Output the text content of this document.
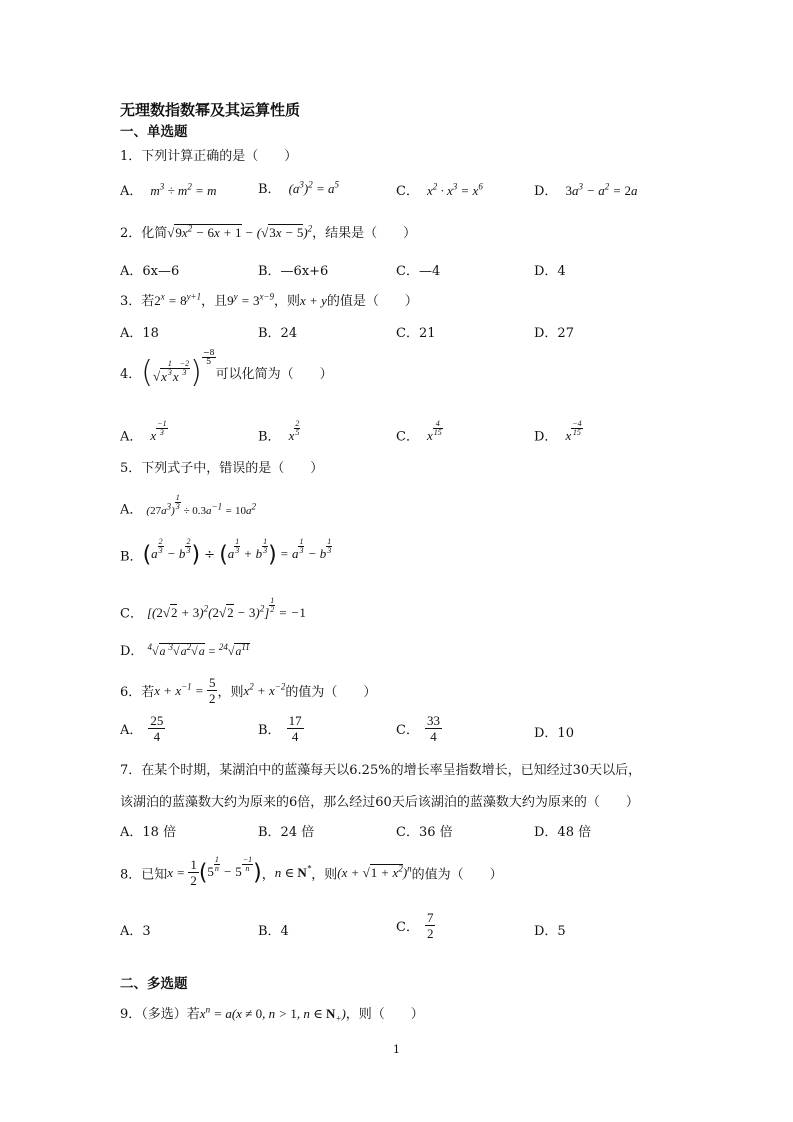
无理数指数幂及其运算性质
一、单选题
1．下列计算正确的是（　　）
A． $m^3 \div m^2 = m$	B． $(a^3)^2 = a^5$	C． $x^2 \cdot x^3 = x^6$	D． $3a^3 - a^2 = 2a$
2．化简$√9x^2 - 6x + 1 - (√3x - 5)^2$，结果是（　　）
A．6x—6	B．—6x+6	C．—4	D．4
3．若$2^x = 8^{y+1}$，且$9^y = 3^{x-9}$，则x + y的值是（　　）
A．18	B．24	C．21	D．27
4．($√x \frac{1}{3}$ x $\frac{-2}{3}$ ) $\frac{-8}{5}$
可以化简为（　　）
A． x $\frac{-1}{3}$	B． x $\frac{2}{5}$	C． x $\frac{4}{15}$	D． x $\frac{-4}{15}$
5．下列式子中，错误的是（　　）
A． $(27a^3) \frac{1}{3} \div 0.3a^{-1} = 10a^2$
B．($a \frac{2}{3} - b \frac{2}{3}$ ) ÷ ($a \frac{1}{3} + b \frac{1}{3}$ ) = a $\frac{1}{3} - b \frac{1}{3}$
C． $[(2√2 + 3)^2(2√2 - 3)^2] \frac{1}{2} = -1$
D． $^4$√a $^3√a^2√a = ^{24}√a^{11}$
6．若$x + x^{-1} = \frac{5}{2}$ ，则$x^2 + x^{-2}$的值为（　　）
A． $\frac{25}{4}$	B． $\frac{17}{4}$	C． $\frac{33}{4}$	D．10
7．在某个时期，某湖泊中的蓝藻每天以6.25%的增长率呈指数增长，已知经过30天以后，
该湖泊的蓝藻数大约为原来的6倍，那么经过60天后该湖泊的蓝藻数大约为原来的（　　）
A．18 倍	B．24 倍	C．36 倍	D．48 倍
8．已知$x = \frac{1}{2} (5 \frac{1}{n} - 5 \frac{-1}{n}$ )，n ∈ N*，则$(x + √1 + x^2)^n$的值为（　　）
A．3	B．4	C． $\frac{7}{2}$	D．5
二、多选题
9．（多选）若$x^n = a(x \ne 0$, n > 1, n ∈ $N_+$)，则（　　）
1
